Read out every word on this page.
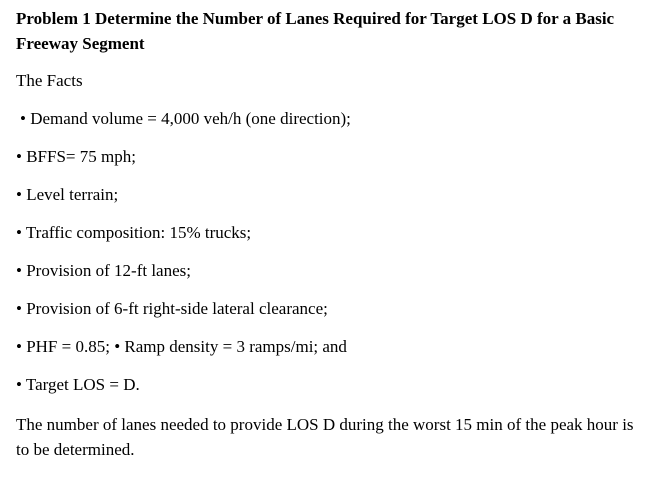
Problem 1 Determine the Number of Lanes Required for Target LOS D for a Basic Freeway Segment

The Facts

• Demand volume = 4,000 veh/h (one direction);
• BFFS= 75 mph;
• Level terrain;
• Traffic composition: 15% trucks;
• Provision of 12-ft lanes;
• Provision of 6-ft right-side lateral clearance;
• PHF = 0.85; • Ramp density = 3 ramps/mi; and
• Target LOS = D.

The number of lanes needed to provide LOS D during the worst 15 min of the peak hour is to be determined.
